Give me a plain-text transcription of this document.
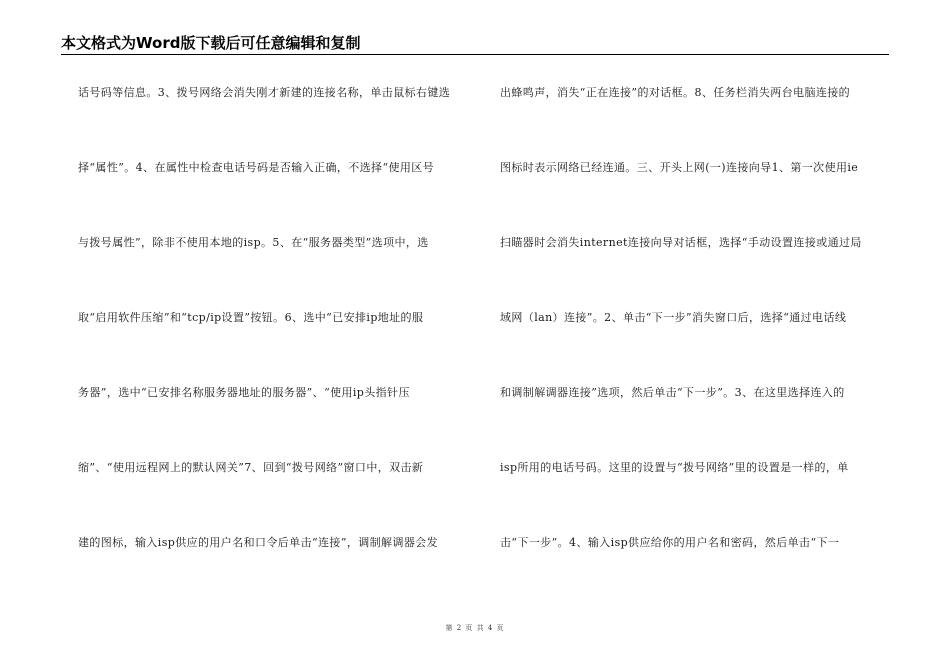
本文格式为Word版下载后可任意编辑和复制
话号码等信息。3、拨号网络会消失刚才新建的连接名称，单击鼠标右键选
择“属性”。4、在属性中检查电话号码是否输入正确，不选择“使用区号
与拨号属性”，除非不使用本地的isp。5、在“服务器类型”选项中，选
取“启用软件压缩”和“tcp/ip设置”按钮。6、选中“已安排ip地址的服
务器”，选中“已安排名称服务器地址的服务器”、“使用ip头指针压
缩”、“使用远程网上的默认网关”7、回到“拨号网络”窗口中，双击新
建的图标，输入isp供应的用户名和口令后单击“连接”，调制解调器会发
出蜂鸣声，消失“正在连接”的对话框。8、任务栏消失两台电脑连接的
图标时表示网络已经连通。三、开头上网(一)连接向导1、第一次使用ie
扫瞄器时会消失internet连接向导对话框，选择“手动设置连接或通过局
域网（lan）连接”。2、单击“下一步”消失窗口后，选择“通过电话线
和调制解调器连接”选项，然后单击“下一步”。3、在这里选择连入的
isp所用的电话号码。这里的设置与“拨号网络”里的设置是一样的，单
击“下一步”。4、输入isp供应给你的用户名和密码，然后单击“下一
第 2 页 共 4 页
